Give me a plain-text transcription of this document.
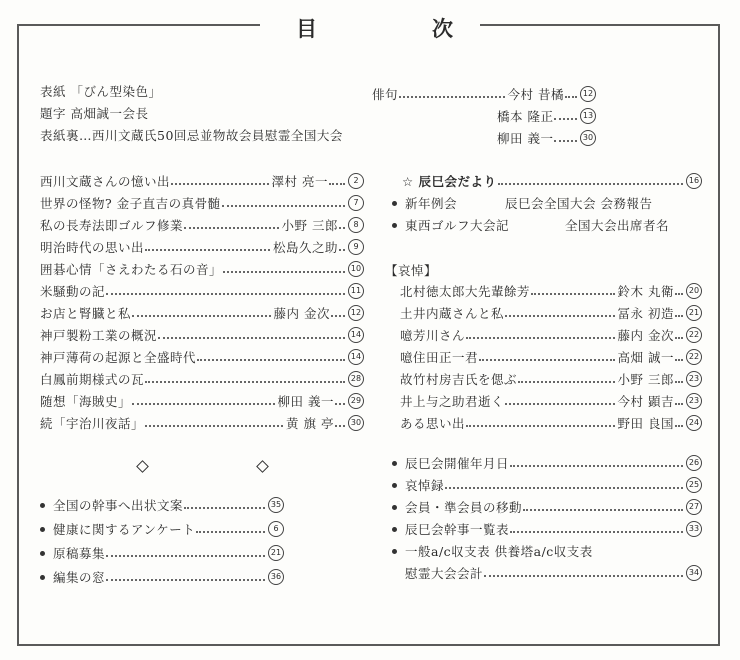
目	次
表紙 「びん型染色」
題字 高畑誠一会長
表紙裏…西川文蔵氏50回忌並物故会員慰霊全国大会
俳句	今村 昔橘	12
橋本 隆正	13
柳田 義一	30
西川文蔵さんの憶い出	澤村 亮一	2
世界の怪物? 金子直吉の真骨髄	7
私の長寿法即ゴルフ修業	小野 三郎	8
明治時代の思い出	松島久之助	9
囲碁心情「さえわたる石の音」	10
米騒動の記	11
お店と腎臓と私	藤内 金次	12
神戸製粉工業の概況	14
神戸薄荷の起源と全盛時代	14
白鳳前期様式の瓦	28
随想「海賊史」	柳田 義一	29
続「宇治川夜話」	黄 旗 亭	30
全国の幹事へ出状文案	35
健康に関するアンケート	6
原稿募集	21
編集の窓	36
☆ 辰巳会だより	16
新年例会	辰巳会全国大会 会務報告
東西ゴルフ大会記	全国大会出席者名
【哀悼】
北村徳太郎大先輩餘芳	鈴木 丸衛	20
土井内蔵さんと私	冨永 初造	21
噫芳川さん	藤内 金次	22
噫住田正一君	高畑 誠一	22
故竹村房吉氏を偲ぶ	小野 三郎	23
井上与之助君逝く	今村 顕吉	23
ある思い出	野田 良国	24
辰巳会開催年月日	26
哀悼録	25
会員・準会員の移動	27
辰巳会幹事一覧表	33
一般a/c収支表 供養塔a/c収支表
慰霊大会会計	34
